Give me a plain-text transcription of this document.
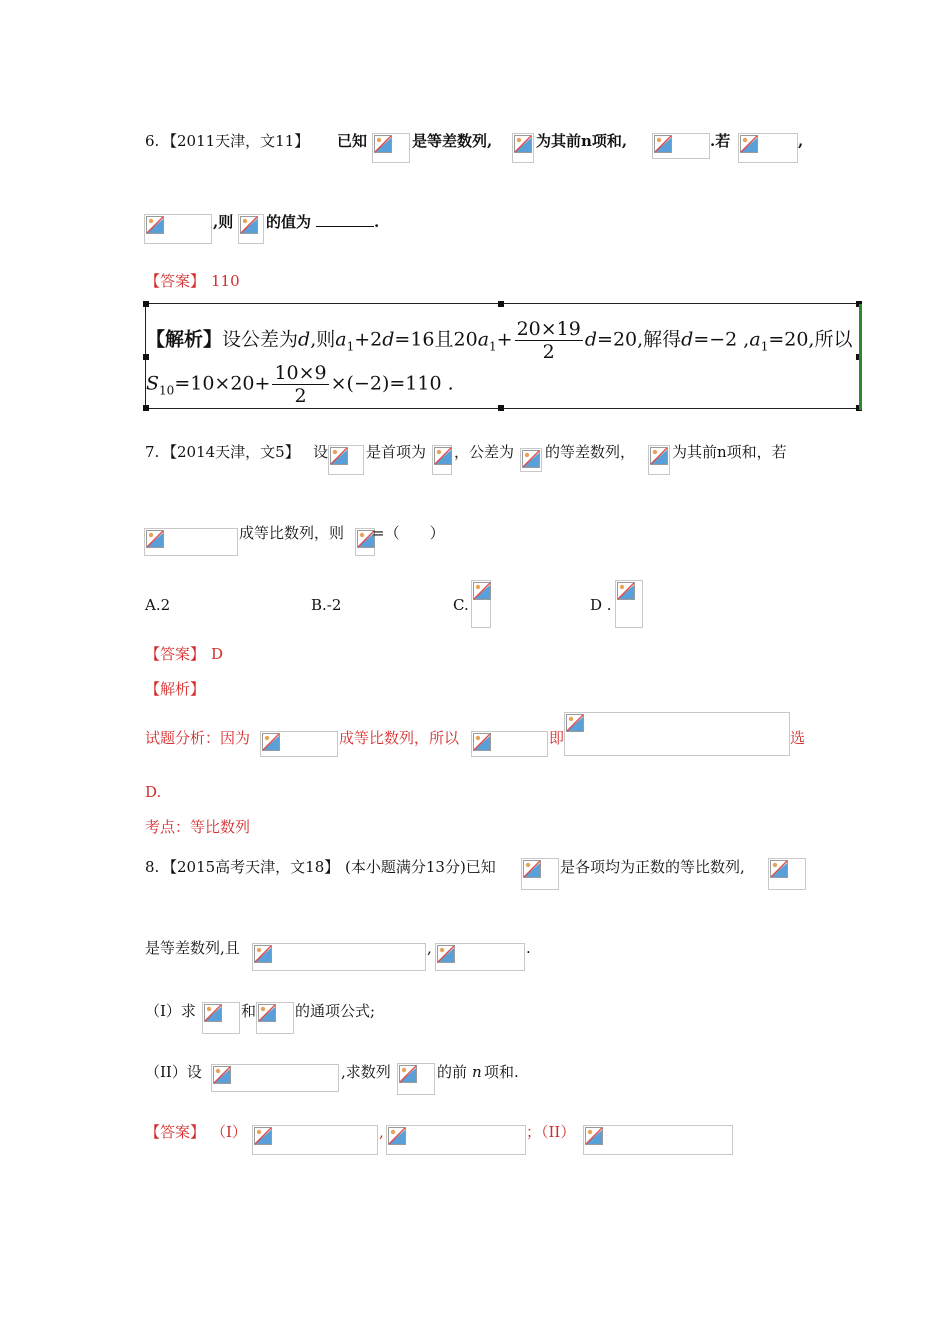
6. 【2011天津，文11】 已知	是等差数列,	为其前n项和,	.若	,
,则 的值为	.
【答案】 110
【解析】设公差为d,则$a_1+2d=16$且$20a_1+ \frac{20\times 19}{2} d=20$,解得d=−2 $,a_1=20$,所以
$S_{10}=10\times 20+ \frac{10\times 9}{2} \times(-2)=110$ .
7. 【2014天津，文5】 设	是首项为 ，公差为 的等差数列， 为其前n项和，若
成等比数列，则 =（　　）
A.2	B.-2	C.	D .
【答案】 D
【解析】
试题分析：因为	成等比数列，所以	即	选
D.
考点：等比数列
8. 【2015高考天津，文18】 (本小题满分13分)已知	是各项均为正数的等比数列,
是等差数列,且	,	.
（I）求	和	的通项公式;
（II）设	,求数列	的前 n 项和.
【答案】 （I）	,	；（II）
